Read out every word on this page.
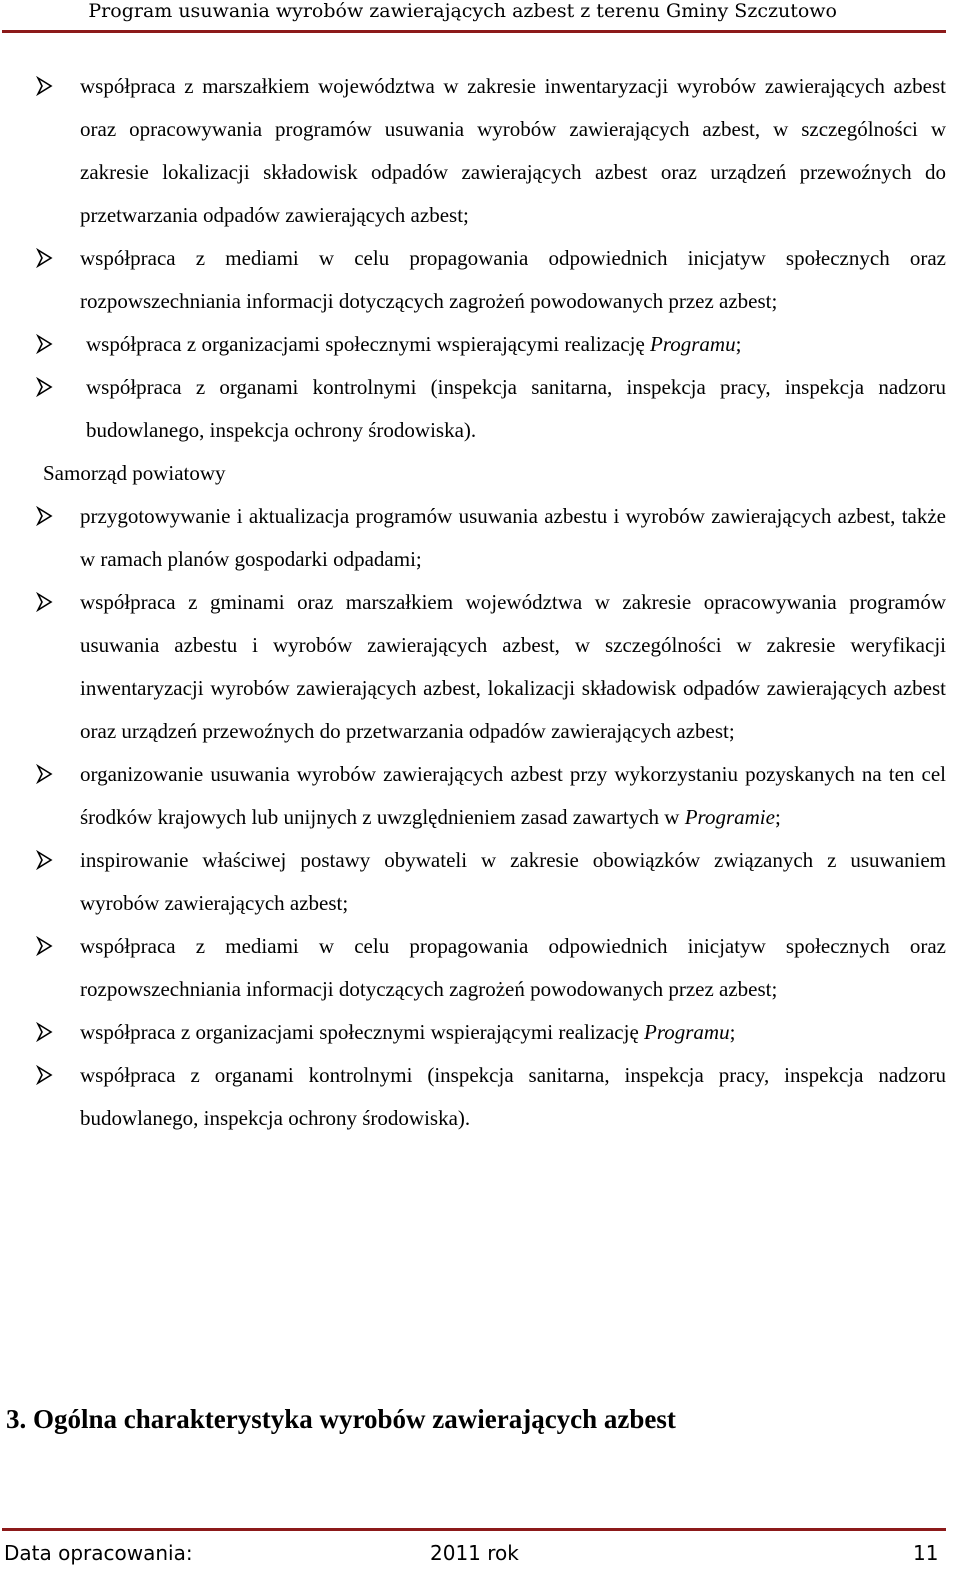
Program usuwania wyrobów zawierających azbest z terenu Gminy Szczutowo
współpraca z marszałkiem województwa w zakresie inwentaryzacji wyrobów zawierających azbest oraz opracowywania programów usuwania wyrobów zawierających azbest, w szczególności w zakresie lokalizacji składowisk odpadów zawierających azbest oraz urządzeń przewoźnych do przetwarzania odpadów zawierających azbest;
współpraca z mediami w celu propagowania odpowiednich inicjatyw społecznych oraz rozpowszechniania informacji dotyczących zagrożeń powodowanych przez azbest;
współpraca z organizacjami społecznymi wspierającymi realizację Programu;
współpraca z organami kontrolnymi (inspekcja sanitarna, inspekcja pracy, inspekcja nadzoru budowlanego, inspekcja ochrony środowiska).
Samorząd powiatowy
przygotowywanie i aktualizacja programów usuwania azbestu i wyrobów zawierających azbest, także w ramach planów gospodarki odpadami;
współpraca z gminami oraz marszałkiem województwa w zakresie opracowywania programów usuwania azbestu i wyrobów zawierających azbest, w szczególności w zakresie weryfikacji inwentaryzacji wyrobów zawierających azbest, lokalizacji składowisk odpadów zawierających azbest oraz urządzeń przewoźnych do przetwarzania odpadów zawierających azbest;
organizowanie usuwania wyrobów zawierających azbest przy wykorzystaniu pozyskanych na ten cel środków krajowych lub unijnych z uwzględnieniem zasad zawartych w Programie;
inspirowanie właściwej postawy obywateli w zakresie obowiązków związanych z usuwaniem wyrobów zawierających azbest;
współpraca z mediami w celu propagowania odpowiednich inicjatyw społecznych oraz rozpowszechniania informacji dotyczących zagrożeń powodowanych przez azbest;
współpraca z organizacjami społecznymi wspierającymi realizację Programu;
współpraca z organami kontrolnymi (inspekcja sanitarna, inspekcja pracy, inspekcja nadzoru budowlanego, inspekcja ochrony środowiska).
3. Ogólna charakterystyka wyrobów zawierających azbest
Data opracowania:	2011 rok	11
